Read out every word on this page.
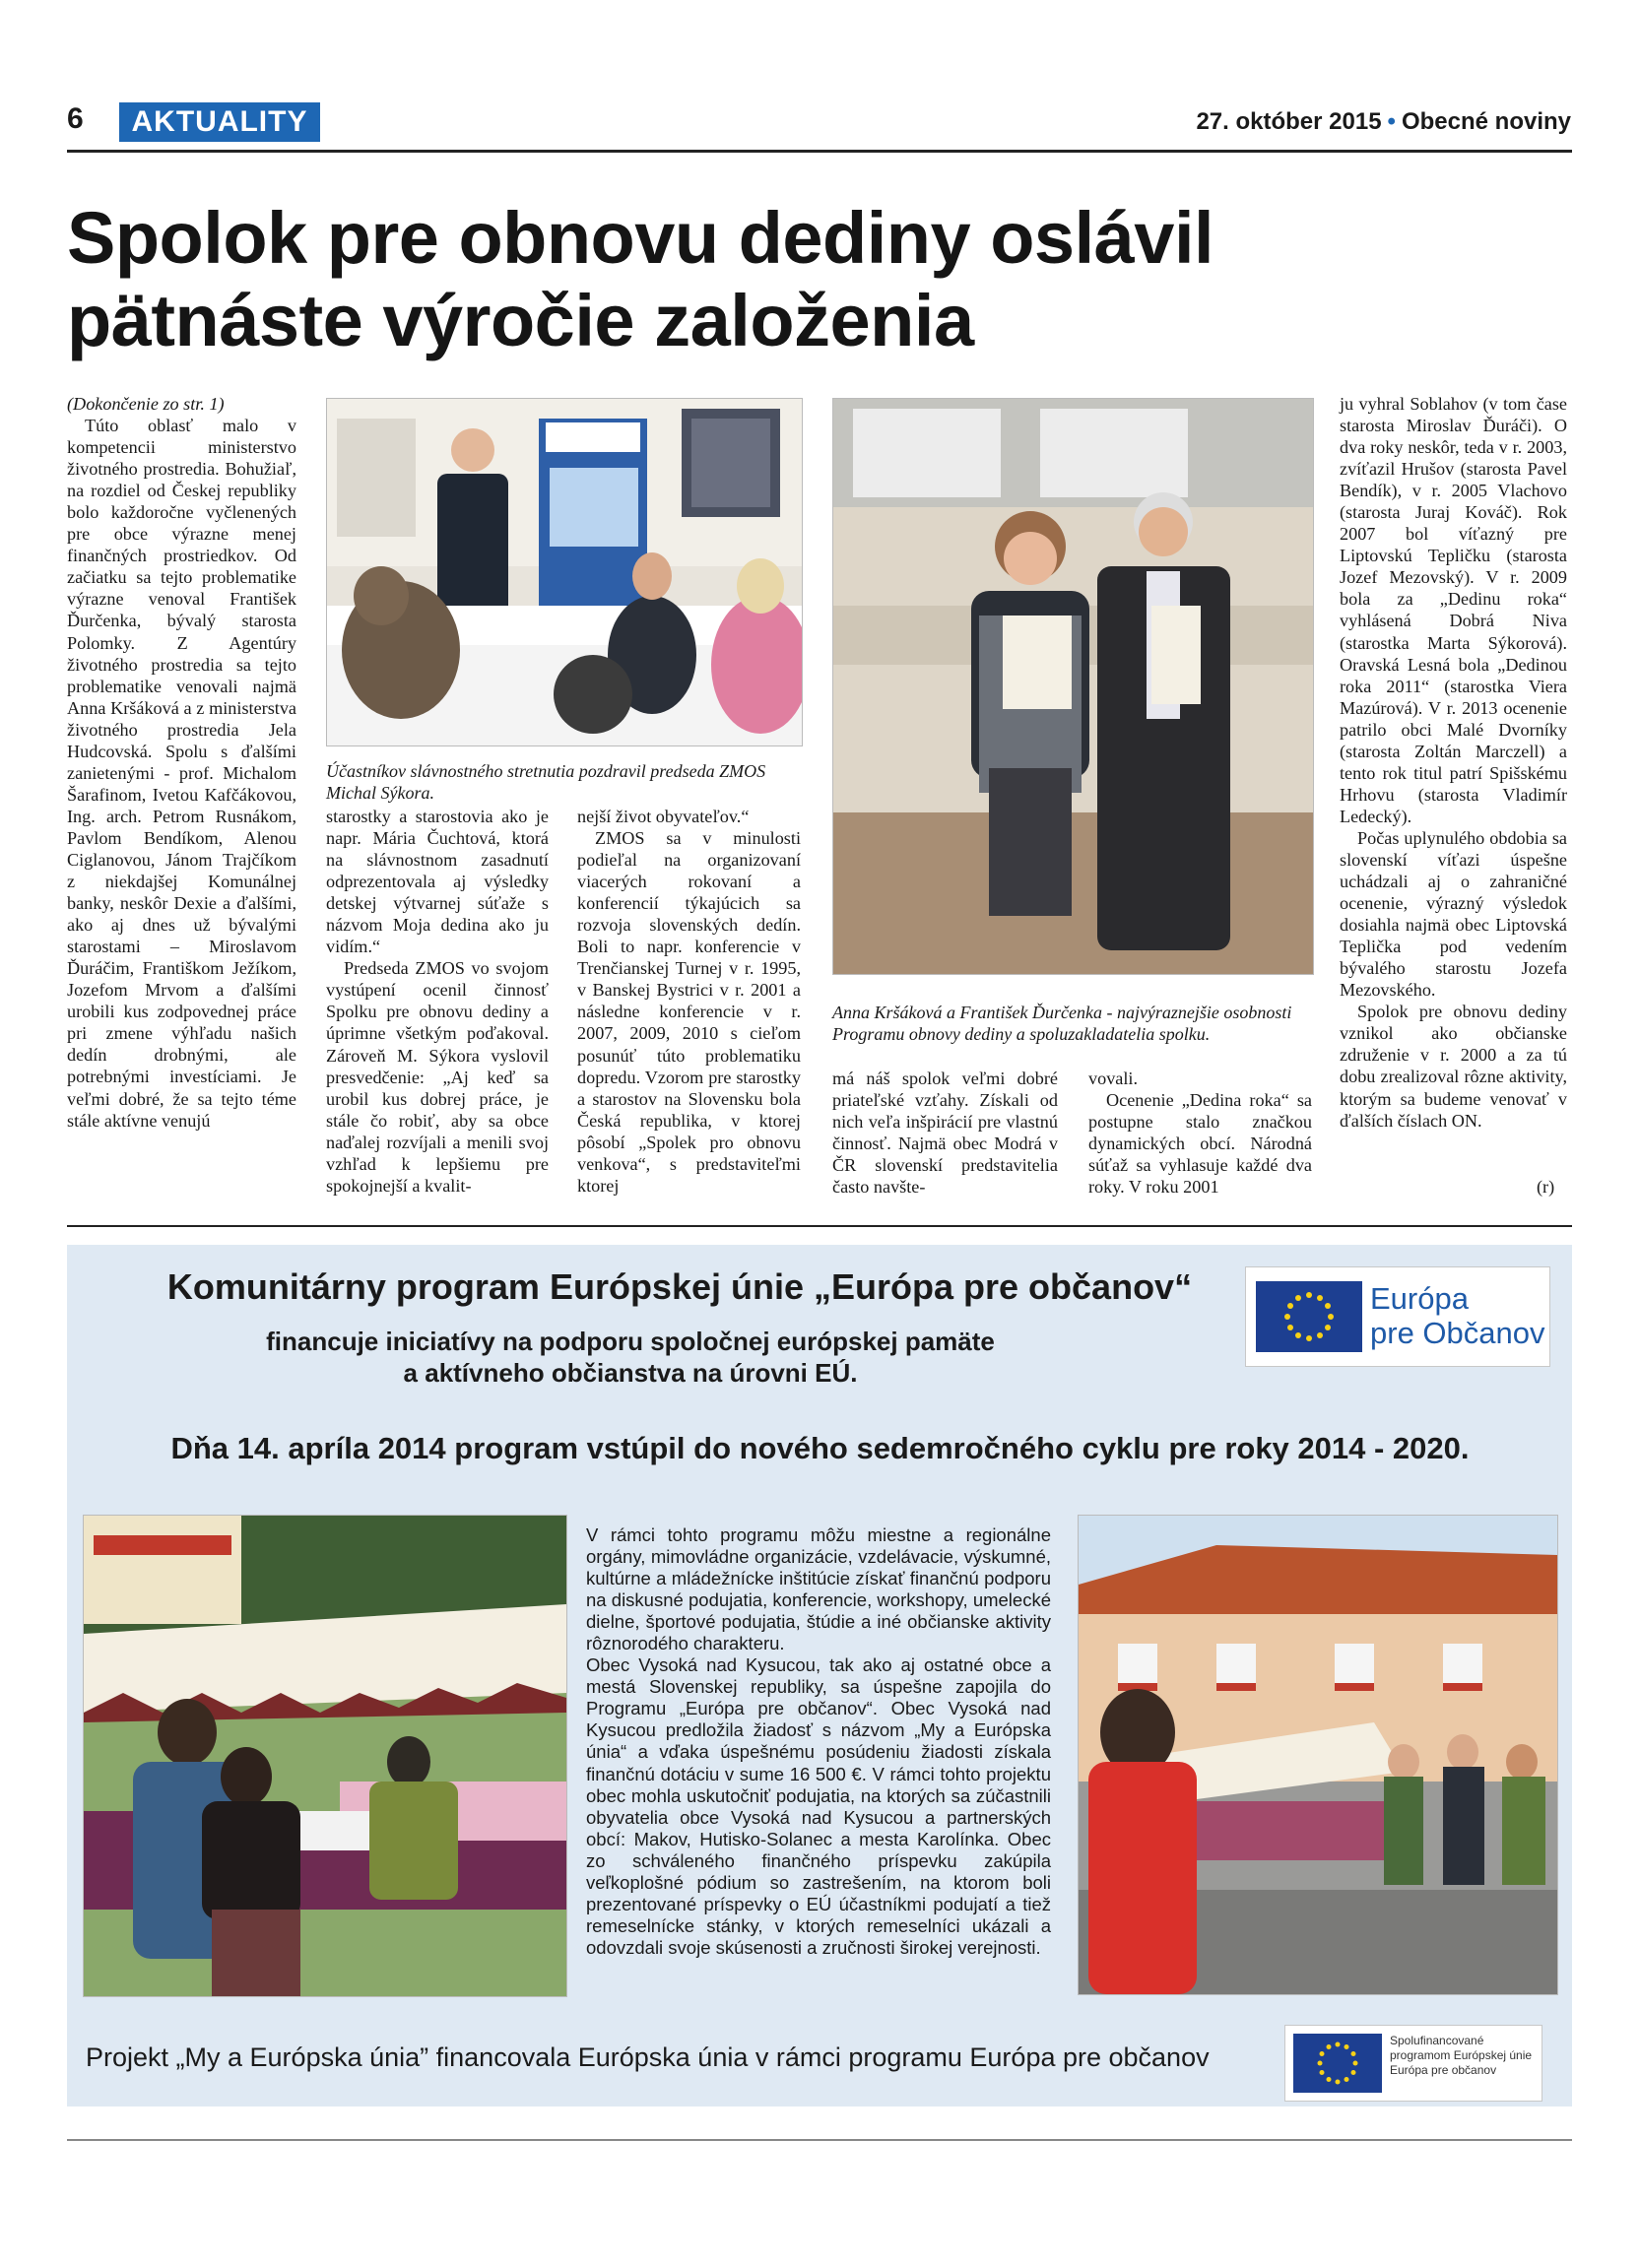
6	AKTUALITY	27. október 2015 • Obecné noviny
Spolok pre obnovu dediny oslávil
pätnáste výročie založenia

(Dokončenie zo str. 1)

Túto oblasť malo v kompetencii ministerstvo životného prostredia. Bohužiaľ, na rozdiel od Českej republiky bolo každoročne vyčlenených pre obce výrazne menej finančných prostriedkov. Od začiatku sa tejto problematike výrazne venoval František Ďurčenka, bývalý starosta Polomky. Z Agentúry životného prostredia sa tejto problematike venovali najmä Anna Kršáková a z ministerstva životného prostredia Jela Hudcovská. Spolu s ďalšími zanietenými - prof. Michalom Šarafinom, Ivetou Kafčákovou, Ing. arch. Petrom Rusnákom, Pavlom Bendíkom, Alenou Ciglanovou, Jánom Trajčíkom z niekdajšej Komunálnej banky, neskôr Dexie a ďalšími, ako aj dnes už bývalými starostami – Miroslavom Ďuráčim, Františkom Ježíkom, Jozefom Mrvom a ďalšími urobili kus zodpovednej práce pri zmene výhľadu našich dedín drobnými, ale potrebnými investíciami. Je veľmi dobré, že sa tejto téme stále aktívne venujú

Účastníkov slávnostného stretnutia pozdravil predseda ZMOS Michal Sýkora.

starostky a starostovia ako je napr. Mária Čuchtová, ktorá na slávnostnom zasadnutí odprezentovala aj výsledky detskej výtvarnej súťaže s názvom Moja dedina ako ju vidím.“

Predseda ZMOS vo svojom vystúpení ocenil činnosť Spolku pre obnovu dediny a úprimne všetkým poďakoval. Zároveň M. Sýkora vyslovil presvedčenie: „Aj keď sa urobil kus dobrej práce, je stále čo robiť, aby sa obce naďalej rozvíjali a menili svoj vzhľad k lepšiemu pre spokojnejší a kvalit-

nejší život obyvateľov.“

ZMOS sa v minulosti podieľal na organizovaní viacerých rokovaní a konferencií týkajúcich sa rozvoja slovenských dedín. Boli to napr. konferencie v Trenčianskej Turnej v r. 1995, v Banskej Bystrici v r. 2001 a následne konferencie v r. 2007, 2009, 2010 s cieľom posunúť túto problematiku dopredu. Vzorom pre starostky a starostov na Slovensku bola Česká republika, v ktorej pôsobí „Spolek pro obnovu venkova“, s predstaviteľmi ktorej

Anna Kršáková a František Ďurčenka - najvýraznejšie osobnosti Programu obnovy dediny a spoluzakladatelia spolku.

má náš spolok veľmi dobré priateľské vzťahy. Získali od nich veľa inšpirácií pre vlastnú činnosť. Najmä obec Modrá v ČR slovenskí predstavitelia často navšte-

vovali.

Ocenenie „Dedina roka“ sa postupne stalo značkou dynamických obcí. Národná súťaž sa vyhlasuje každé dva roky. V roku 2001

ju vyhral Soblahov (v tom čase starosta Miroslav Ďuráči). O dva roky neskôr, teda v r. 2003, zvíťazil Hrušov (starosta Pavel Bendík), v r. 2005 Vlachovo (starosta Juraj Kováč). Rok 2007 bol víťazný pre Liptovskú Tepličku (starosta Jozef Mezovský). V r. 2009 bola za „Dedinu roka“ vyhlásená Dobrá Niva (starostka Marta Sýkorová). Oravská Lesná bola „Dedinou roka 2011“ (starostka Viera Mazúrová). V r. 2013 ocenenie patrilo obci Malé Dvorníky (starosta Zoltán Marczell) a tento rok titul patrí Spišskému Hrhovu (starosta Vladimír Ledecký).

Počas uplynulého obdobia sa slovenskí víťazi úspešne uchádzali aj o zahraničné ocenenie, výrazný výsledok dosiahla najmä obec Liptovská Teplička pod vedením bývalého starostu Jozefa Mezovského.

Spolok pre obnovu dediny vznikol ako občianske združenie v r. 2000 a za tú dobu zrealizoval rôzne aktivity, ktorým sa budeme venovať v ďalších číslach ON.

(r)
Komunitárny program Európskej únie „Európa pre občanov“
financuje iniciatívy na podporu spoločnej európskej pamäte
a aktívneho občianstva na úrovni EÚ.
Európa
pre Občanov
Dňa 14. apríla 2014 program vstúpil do nového sedemročného cyklu pre roky 2014 - 2020.

V rámci tohto programu môžu miestne a regionálne orgány, mimovládne organizácie, vzdelávacie, výskumné, kultúrne a mládežnícke inštitúcie získať finančnú podporu na diskusné podujatia, konferencie, workshopy, umelecké dielne, športové podujatia, štúdie a iné občianske aktivity rôznorodého charakteru.

Obec Vysoká nad Kysucou, tak ako aj ostatné obce a mestá Slovenskej republiky, sa úspešne zapojila do Programu „Európa pre občanov“. Obec Vysoká nad Kysucou predložila žiadosť s názvom „My a Európska únia“ a vďaka úspešnému posúdeniu žiadosti získala finančnú dotáciu v sume 16 500 €. V rámci tohto projektu obec mohla uskutočniť podujatia, na ktorých sa zúčastnili obyvatelia obce Vysoká nad Kysucou a partnerských obcí: Makov, Hutisko-Solanec a mesta Karolínka. Obec zo schváleného finančného príspevku zakúpila veľkoplošné pódium so zastrešením, na ktorom boli prezentované príspevky o EÚ účastníkmi podujatí a tiež remeselnícke stánky, v ktorých remeselníci ukázali a odovzdali svoje skúsenosti a zručnosti širokej verejnosti.

Projekt „My a Európska únia” financovala Európska únia v rámci programu Európa pre občanov
Spolufinancované programom Európskej únie Európa pre občanov
